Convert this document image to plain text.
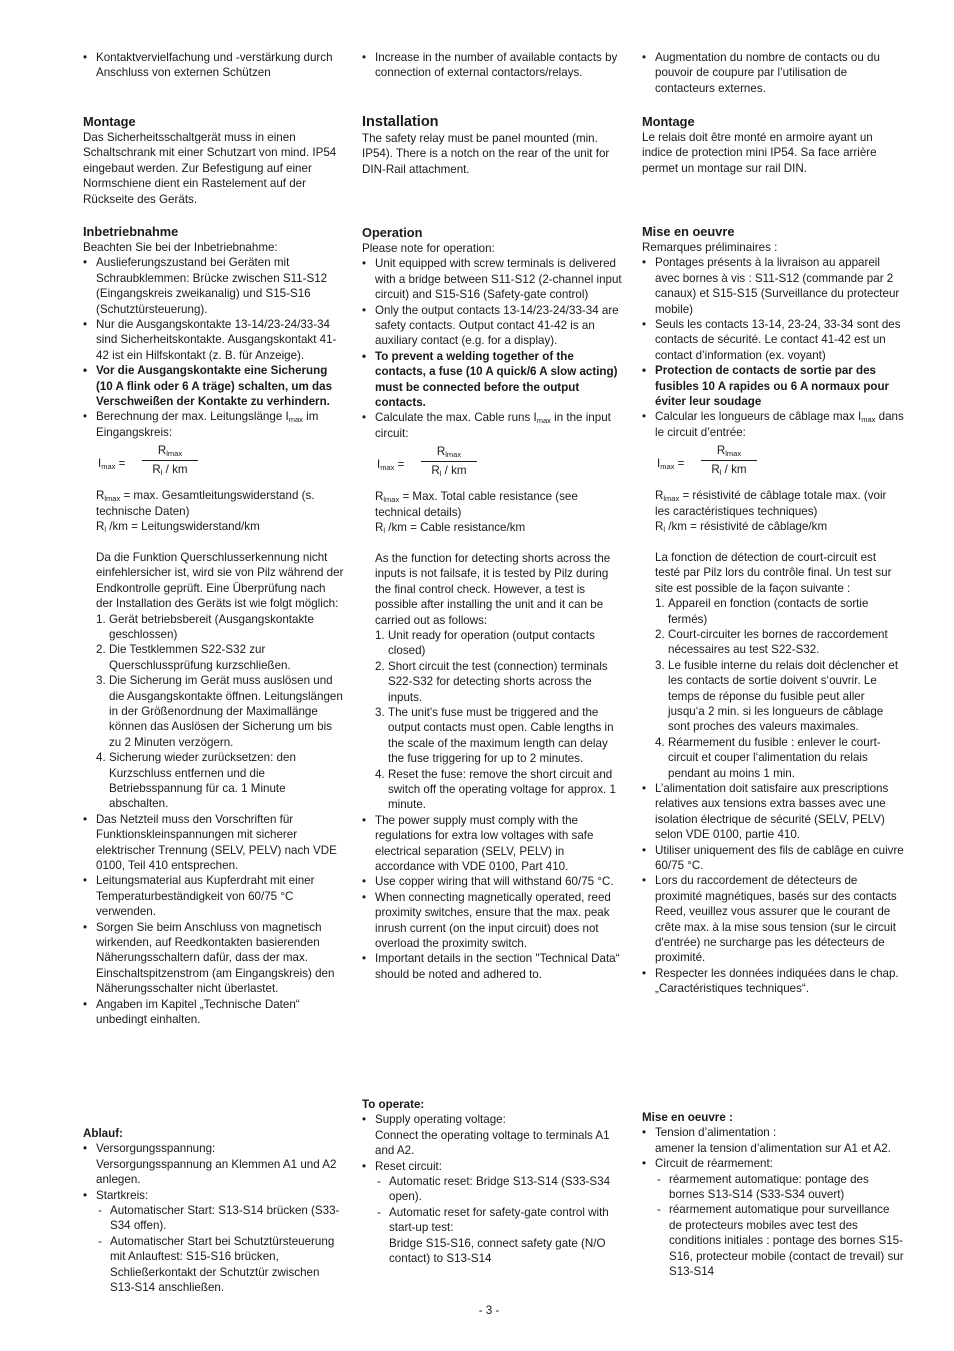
• Kontaktvervielfachung und -verstärkung durch Anschluss von externen Schützen
Montage

Das Sicherheitsschaltgerät muss in einen Schaltschrank mit einer Schutzart von mind. IP54 eingebaut werden. Zur Befestigung auf einer Normschiene dient ein Rastelement auf der Rückseite des Geräts.

Inbetriebnahme

Beachten Sie bei der Inbetriebnahme:

• Auslieferungszustand bei Geräten mit Schraubklemmen: Brücke zwischen S11-S12 (Eingangskreis zweikanalig) und S15-S16 (Schutztürsteuerung).
• Nur die Ausgangskontakte 13-14/23-24/33-34 sind Sicherheitskontakte. Ausgangskontakt 41-42 ist ein Hilfskontakt (z. B. für Anzeige).
• Vor die Ausgangskontakte eine Sicherung (10 A flink oder 6 A träge) schalten, um das Verschweißen der Kontakte zu verhindern.
• Berechnung der max. Leitungslänge $I_{max}$ im Eingangskreis:
$I_{max}$ =
$R_{lmax}$
$R_l$ / km

$R_{lmax} = \max$. Gesamtleitungswiderstand (s. technische Daten)

$R_l$ /km = Leitungswiderstand/km

Da die Funktion Querschlusserkennung nicht einfehlersicher ist, wird sie von Pilz während der Endkontrolle geprüft. Eine Überprüfung nach der Installation des Geräts ist wie folgt möglich:

1. Gerät betriebsbereit (Ausgangskontakte geschlossen)
2. Die Testklemmen S22-S32 zur Querschlussprüfung kurzschließen.
3. Die Sicherung im Gerät muss auslösen und die Ausgangskontakte öffnen. Leitungslängen in der Größenordnung der Maximallänge können das Auslösen der Sicherung um bis zu 2 Minuten verzögern.
4. Sicherung wieder zurücksetzen: den Kurzschluss entfernen und die Betriebsspannung für ca. 1 Minute abschalten.
• Das Netzteil muss den Vorschriften für Funktionskleinspannungen mit sicherer elektrischer Trennung (SELV, PELV) nach VDE 0100, Teil 410 entsprechen.
• Leitungsmaterial aus Kupferdraht mit einer Temperaturbeständigkeit von 60/75 °C verwenden.
• Sorgen Sie beim Anschluss von magnetisch wirkenden, auf Reedkontakten basierenden Näherungsschaltern dafür, dass der max. Einschaltspitzenstrom (am Eingangskreis) den Näherungsschalter nicht überlastet.
• Angaben im Kapitel „Technische Daten“ unbedingt einhalten.
Ablauf:

• Versorgungsspannung:

Versorgungsspannung an Klemmen A1 und A2 anlegen.

• Startkreis:

- Automatischer Start: S13-S14 brücken (S33-S34 offen).
- Automatischer Start bei Schutztürsteuerung mit Anlauftest: S15-S16 brücken, Schließerkontakt der Schutztür zwischen S13-S14 anschließen.
• Increase in the number of available contacts by connection of external contactors/relays.
Installation

The safety relay must be panel mounted (min. IP54). There is a notch on the rear of the unit for DIN-Rail attachment.

Operation

Please note for operation:

• Unit equipped with screw terminals is delivered with a bridge between S11-S12 (2-channel input circuit) and S15-S16 (Safety-gate control)
• Only the output contacts 13-14/23-24/33-34 are safety contacts. Output contact 41-42 is an auxiliary contact (e.g. for a display).
• To prevent a welding together of the contacts, a fuse (10 A quick/6 A slow acting) must be connected before the output contacts.
• Calculate the max. Cable runs $I_{max}$ in the input circuit:
$I_{max}$ =
$R_{lmax}$
$R_l$ / km

$R_{lmax}$ = Max. Total cable resistance (see technical details)

$R_l$ /km = Cable resistance/km

As the function for detecting shorts across the inputs is not failsafe, it is tested by Pilz during the final control check. However, a test is possible after installing the unit and it can be carried out as follows:

1. Unit ready for operation (output contacts closed)
2. Short circuit the test (connection) terminals S22-S32 for detecting shorts across the inputs.
3. The unit's fuse must be triggered and the output contacts must open. Cable lengths in the scale of the maximum length can delay the fuse triggering for up to 2 minutes.
4. Reset the fuse: remove the short circuit and switch off the operating voltage for approx. 1 minute.
• The power supply must comply with the regulations for extra low voltages with safe electrical separation (SELV, PELV) in accordance with VDE 0100, Part 410.
• Use copper wiring that will withstand 60/75 °C.
• When connecting magnetically operated, reed proximity switches, ensure that the max. peak inrush current (on the input circuit) does not overload the proximity switch.
• Important details in the section "Technical Data“ should be noted and adhered to.
To operate:

• Supply operating voltage:

Connect the operating voltage to terminals A1 and A2.

• Reset circuit:

- Automatic reset: Bridge S13-S14 (S33-S34 open).

- Automatic reset for safety-gate control with start-up test:

Bridge S15-S16, connect safety gate (N/O contact) to S13-S14

• Augmentation du nombre de contacts ou du pouvoir de coupure par l’utilisation de contacteurs externes.
Montage

Le relais doit être monté en armoire ayant un indice de protection mini IP54. Sa face arrière permet un montage sur rail DIN.

Mise en oeuvre

Remarques préliminaires :

• Pontages présents à la livraison au appareil avec bornes à vis : S11-S12 (commande par 2 canaux) et S15-S15 (Surveillance du protecteur mobile)
• Seuls les contacts 13-14, 23-24, 33-34 sont des contacts de sécurité. Le contact 41-42 est un contact d’information (ex. voyant)
• Protection de contacts de sortie par des fusibles 10 A rapides ou 6 A normaux pour éviter leur soudage
• Calcular les longueurs de câblage $\max I_{max}$ dans le circuit d’entrée:
$I_{max}$ =
$R_{lmax}$
$R_l$ / km

$R_{lmax}$ = résistivité de câblage totale max. (voir les caractéristiques techniques)

$R_l$ /km = résistivité de câblage/km

La fonction de détection de court-circuit est testé par Pilz lors du contrôle final. Un test sur site est possible de la façon suivante :

1. Appareil en fonction (contacts de sortie fermés)
2. Court-circuiter les bornes de raccordement nécessaires au test S22-S32.
3. Le fusible interne du relais doit déclencher et les contacts de sortie doivent s‘ouvrir. Le temps de réponse du fusible peut aller jusqu‘a 2 min. si les longueurs de câblage sont proches des valeurs maximales.
4. Réarmement du fusible : enlever le court-circuit et couper l‘alimentation du relais pendant au moins 1 min.
• L’alimentation doit satisfaire aux prescriptions relatives aux tensions extra basses avec une isolation électrique de sécurité (SELV, PELV) selon VDE 0100, partie 410.
• Utiliser uniquement des fils de cablâge en cuivre 60/75 °C.
• Lors du raccordement de détecteurs de proximité magnétiques, basés sur des contacts Reed, veuillez vous assurer que le courant de crête max. à la mise sous tension (sur le circuit d'entrée) ne surcharge pas les détecteurs de proximité.
• Respecter les données indiquées dans le chap. „Caractéristiques techniques“.
Mise en oeuvre :

• Tension d’alimentation :

amener la tension d’alimentation sur A1 et A2.

• Circuit de réarmement:

- réarmement automatique: pontage des bornes S13-S14 (S33-S34 ouvert)
- réarmement automatique pour surveillance de protecteurs mobiles avec test des conditions initiales : pontage des bornes S15-S16, protecteur mobile (contact de trevail) sur S13-S14
- 3 -
